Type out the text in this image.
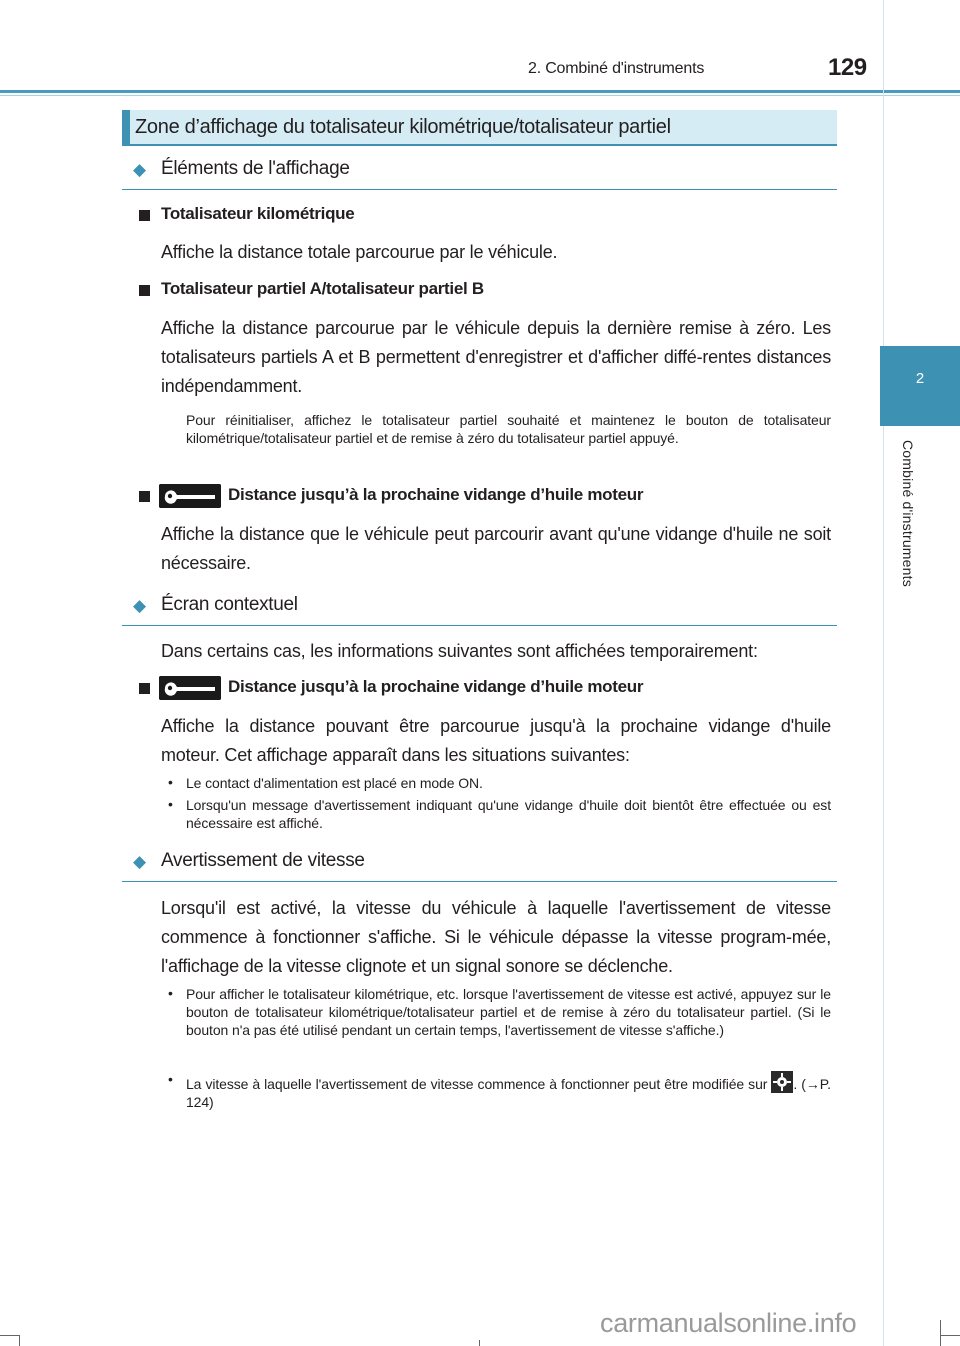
2. Combiné d'instruments	129
2
Combiné d'instruments
Zone d’affichage du totalisateur kilométrique/totalisateur partiel
◆ Éléments de l'affichage
Totalisateur kilométrique
Affiche la distance totale parcourue par le véhicule.
Totalisateur partiel A/totalisateur partiel B
Affiche la distance parcourue par le véhicule depuis la dernière remise à zéro. Les totalisateurs partiels A et B permettent d'enregistrer et d'afficher diffé-rentes distances indépendamment.
Pour réinitialiser, affichez le totalisateur partiel souhaité et maintenez le bouton de totalisateur kilométrique/totalisateur partiel et de remise à zéro du totalisateur partiel appuyé.
Distance jusqu’à la prochaine vidange d’huile moteur
Affiche la distance que le véhicule peut parcourir avant qu'une vidange d'huile ne soit nécessaire.
◆ Écran contextuel
Dans certains cas, les informations suivantes sont affichées temporairement:
Distance jusqu’à la prochaine vidange d’huile moteur
Affiche la distance pouvant être parcourue jusqu'à la prochaine vidange d'huile moteur. Cet affichage apparaît dans les situations suivantes:
• Le contact d'alimentation est placé en mode ON.
• Lorsqu'un message d'avertissement indiquant qu'une vidange d'huile doit bientôt être effectuée ou est nécessaire est affiché.
◆ Avertissement de vitesse
Lorsqu'il est activé, la vitesse du véhicule à laquelle l'avertissement de vitesse commence à fonctionner s'affiche. Si le véhicule dépasse la vitesse program-mée, l'affichage de la vitesse clignote et un signal sonore se déclenche.
• Pour afficher le totalisateur kilométrique, etc. lorsque l'avertissement de vitesse est activé, appuyez sur le bouton de totalisateur kilométrique/totalisateur partiel et de remise à zéro du totalisateur partiel. (Si le bouton n'a pas été utilisé pendant un certain temps, l'avertissement de vitesse s'affiche.)
• La vitesse à laquelle l'avertissement de vitesse commence à fonctionner peut être modifiée sur . (→P. 124)
carmanualsonline.info
